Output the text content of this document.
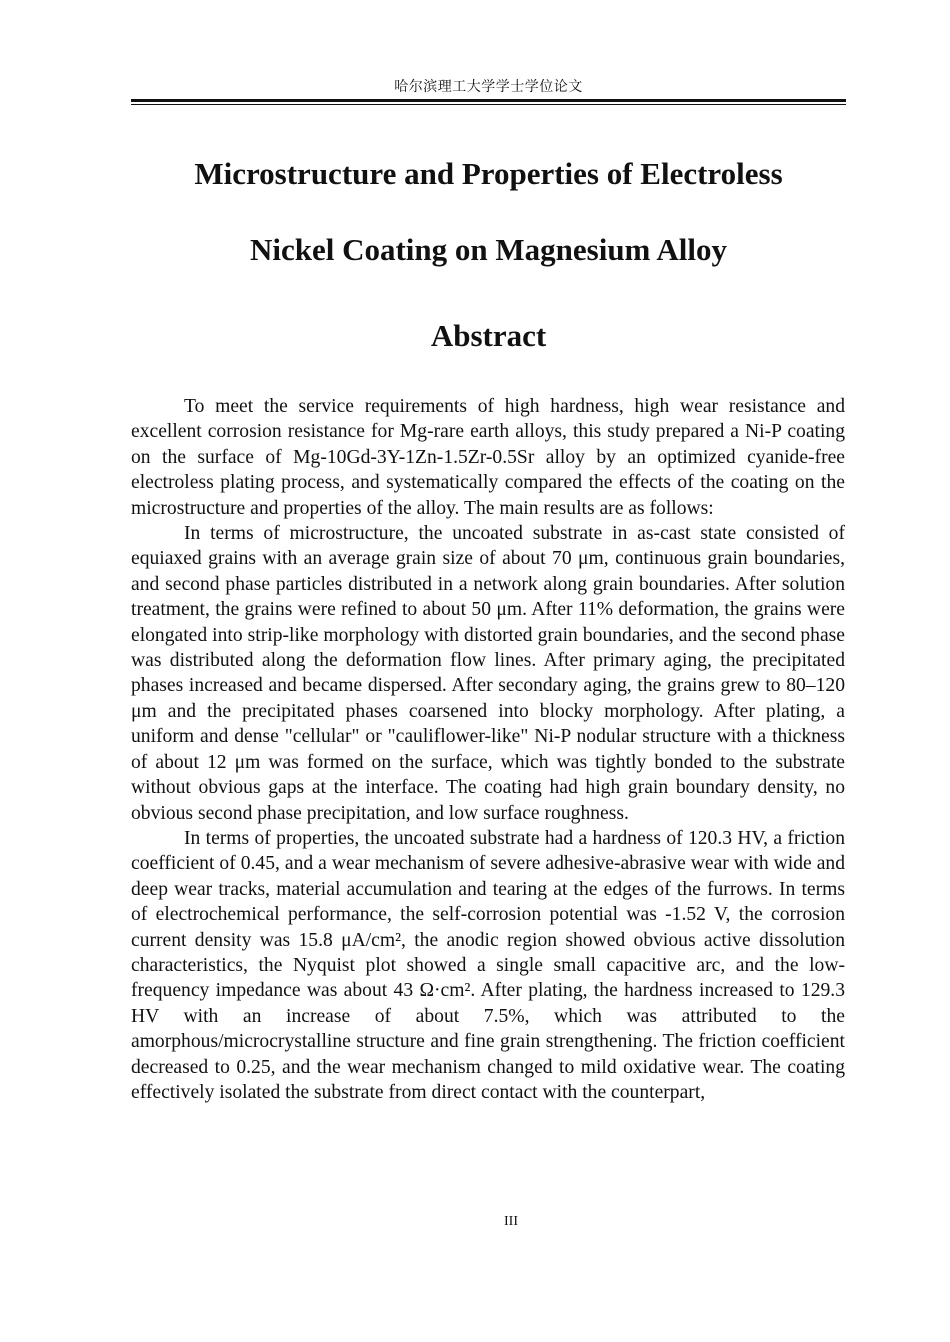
哈尔滨理工大学学士学位论文
Microstructure and Properties of Electroless
Nickel Coating on Magnesium Alloy
Abstract

To meet the service requirements of high hardness, high wear resistance and excellent corrosion resistance for Mg-rare earth alloys, this study prepared a Ni-P coating on the surface of Mg-10Gd-3Y-1Zn-1.5Zr-0.5Sr alloy by an optimized cyanide-free electroless plating process, and systematically compared the effects of the coating on the microstructure and properties of the alloy. The main results are as follows:

In terms of microstructure, the uncoated substrate in as-cast state consisted of equiaxed grains with an average grain size of about 70 μm, continuous grain boundaries, and second phase particles distributed in a network along grain boundaries. After solution treatment, the grains were refined to about 50 μm. After 11% deformation, the grains were elongated into strip-like morphology with distorted grain boundaries, and the second phase was distributed along the deformation flow lines. After primary aging, the precipitated phases increased and became dispersed. After secondary aging, the grains grew to 80–120 μm and the precipitated phases coarsened into blocky morphology. After plating, a uniform and dense "cellular" or "cauliflower-like" Ni-P nodular structure with a thickness of about 12 μm was formed on the surface, which was tightly bonded to the substrate without obvious gaps at the interface. The coating had high grain boundary density, no obvious second phase precipitation, and low surface roughness.

In terms of properties, the uncoated substrate had a hardness of 120.3 HV, a friction coefficient of 0.45, and a wear mechanism of severe adhesive-abrasive wear with wide and deep wear tracks, material accumulation and tearing at the edges of the furrows. In terms of electrochemical performance, the self-corrosion potential was -1.52 V, the corrosion current density was 15.8 μA/cm², the anodic region showed obvious active dissolution characteristics, the Nyquist plot showed a single small capacitive arc, and the low-frequency impedance was about 43 Ω·cm². After plating, the hardness increased to 129.3 HV with an increase of about 7.5%, which was attributed to the amorphous/microcrystalline structure and fine grain strengthening. The friction coefficient decreased to 0.25, and the wear mechanism changed to mild oxidative wear. The coating effectively isolated the substrate from direct contact with the counterpart,

III
